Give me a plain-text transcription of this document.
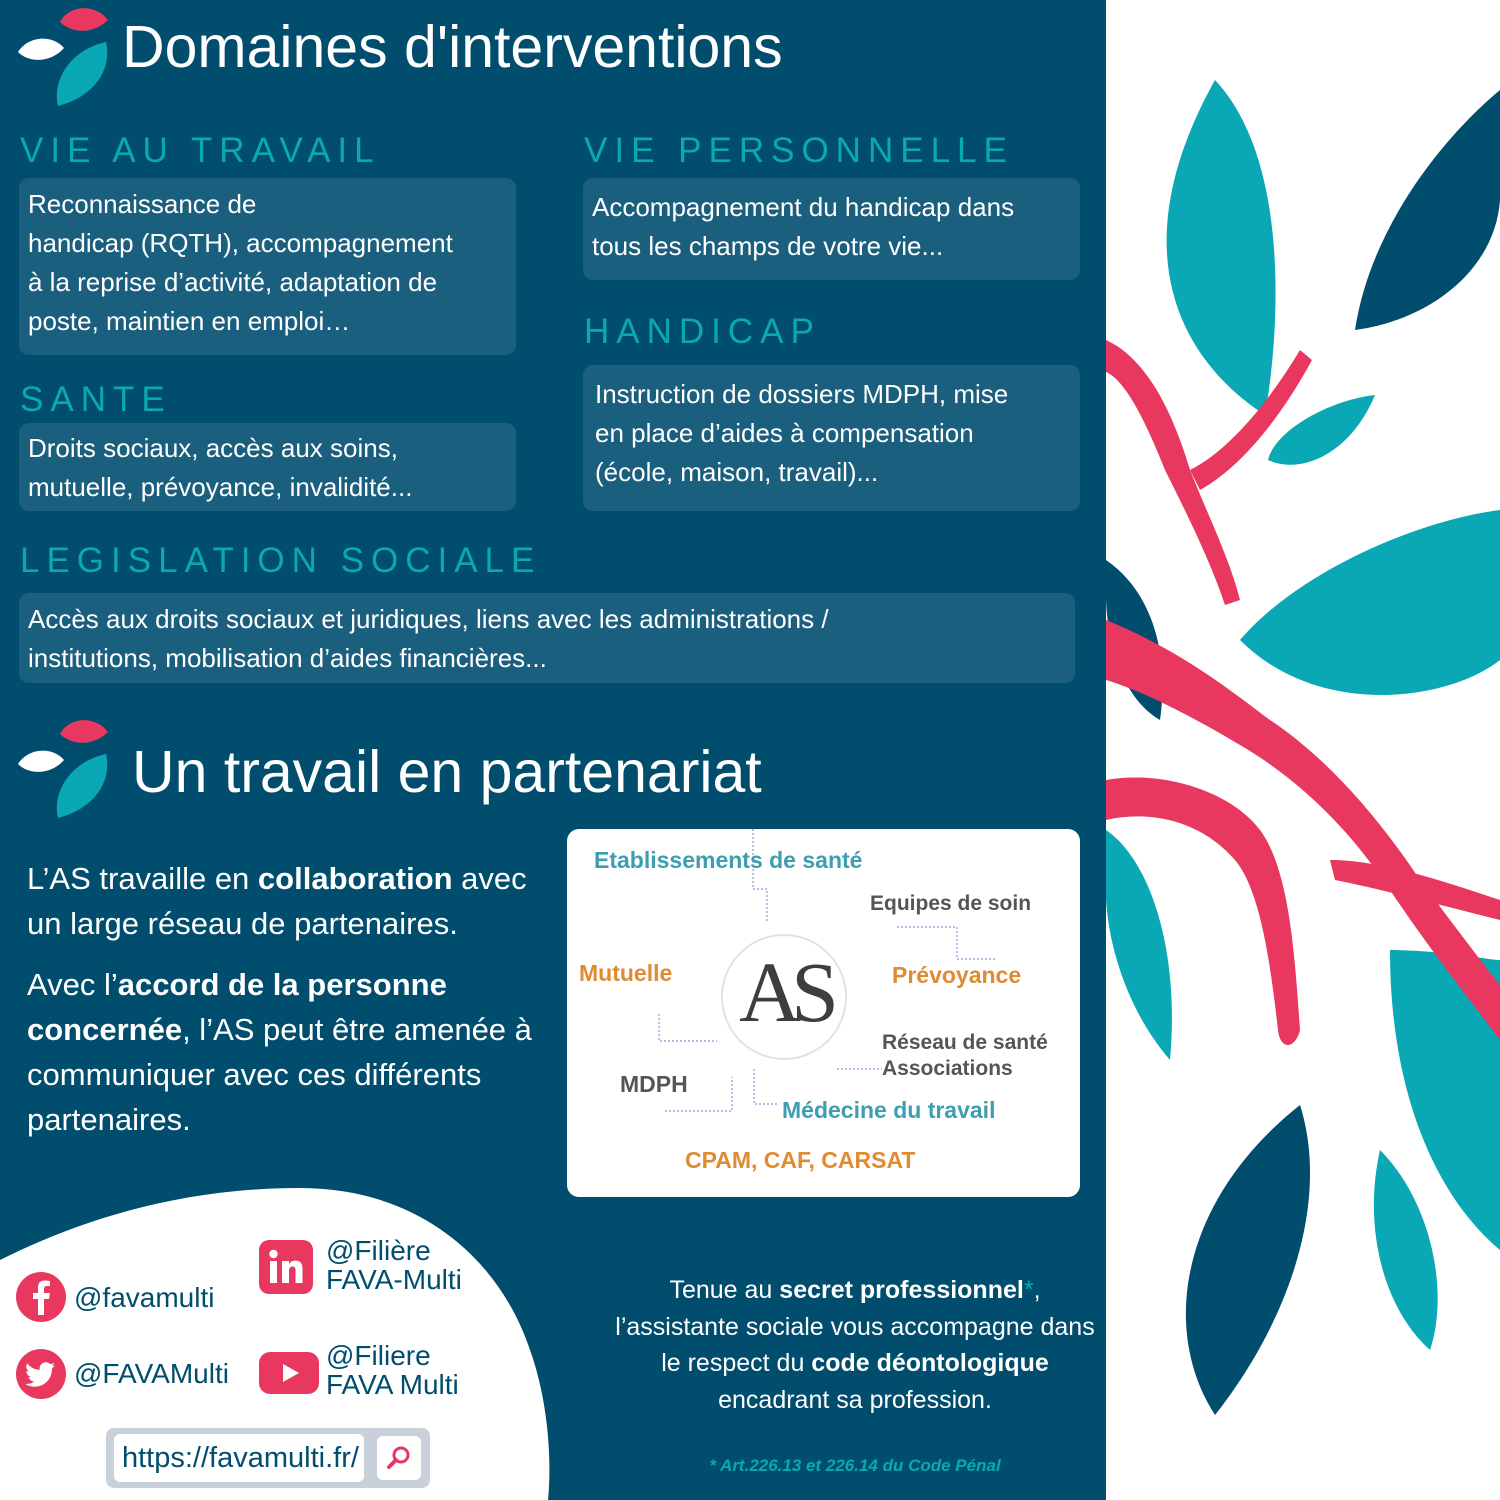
Domaines d'interventions
VIE AU TRAVAIL
Reconnaissance de
handicap (RQTH), accompagnement
à la reprise d’activité, adaptation de
poste, maintien en emploi…
VIE PERSONNELLE
Accompagnement du handicap dans
tous les champs de votre vie...
SANTE
Droits sociaux, accès aux soins,
mutuelle, prévoyance, invalidité...
HANDICAP
Instruction de dossiers MDPH, mise
en place d’aides à compensation
(école, maison, travail)...
LEGISLATION SOCIALE
Accès aux droits sociaux et juridiques, liens avec les administrations /
institutions, mobilisation d’aides financières...
Un travail en partenariat

L’AS travaille en collaboration avec un large réseau de partenaires.

Avec l’accord de la personne concernée, l’AS peut être amenée à communiquer avec ces différents partenaires.

AS
Etablissements de santé
Equipes de soin
Mutuelle	Prévoyance
Réseau de santé
Associations
MDPH
Médecine du travail
CPAM, CAF, CARSAT
@favamulti
@FAVAMulti
@Filière
FAVA-Multi
@Filiere
FAVA Multi
https://favamulti.fr/
Tenue au secret professionnel*, l’assistante sociale vous accompagne dans le respect du code déontologique encadrant sa profession.
* Art.226.13 et 226.14 du Code Pénal
